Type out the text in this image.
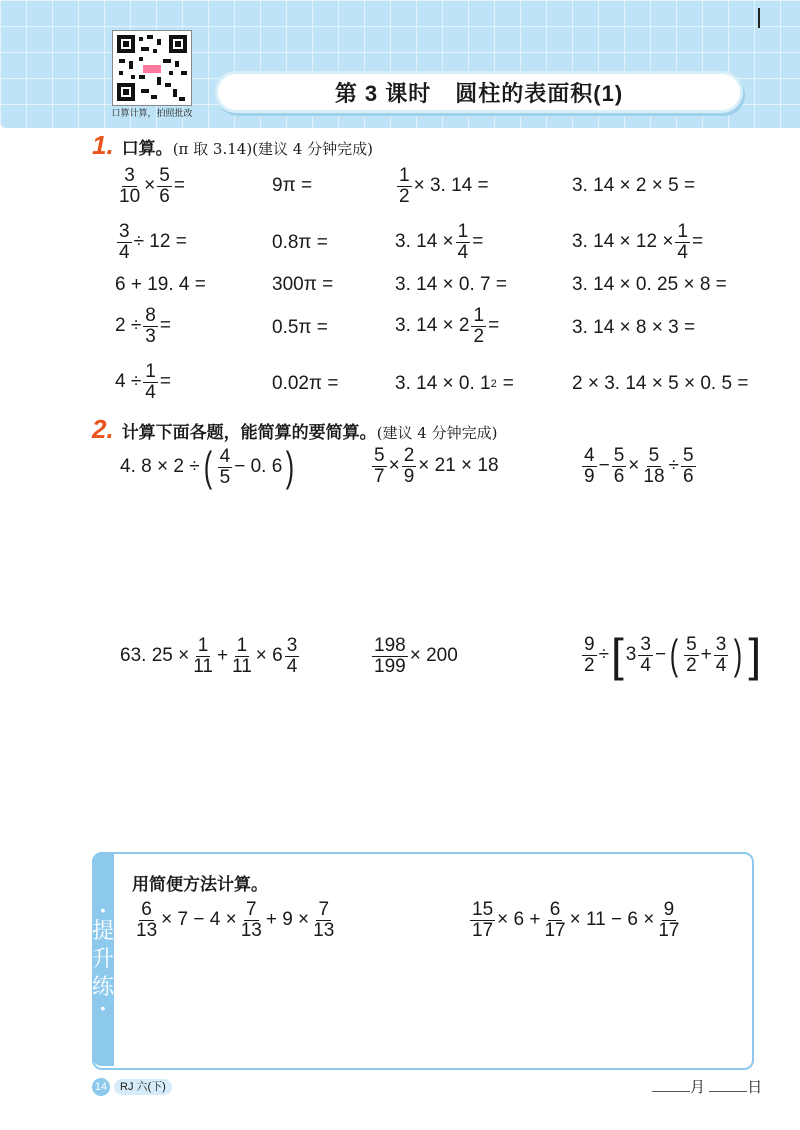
口算计算，拍照批改
第 3 课时 圆柱的表面积(1)
1. 口算。 (π 取 3.14)(建议 4 分钟完成)
$\frac{3}{10} \times \frac{5}{6}$ =	9π =	$\frac{1}{2} \times 3$. 14 =	3. 14 × 2 × 5 =
$\frac{3}{4} \div 12$ =	0.8π =	3. $14 \times \frac{1}{4}$ =	3. $14 \times 12 \times \frac{1}{4}$ =
6 + 19. 4 =	300π =	3. 14 × 0. 7 =	3. 14 × 0. 25 × 8 =
$2 \div \frac{8}{3}$ =	0.5π =	3. $14 \times 2 \frac{1}{2}$ =	3. 14 × 8 × 3 =
$4 \div \frac{1}{4}$ =	0.02π =	3. 14 × 0. 1 2 =	2 × 3. 14 × 5 × 0. 5 =
2. 计算下面各题，能简算的要简算。 (建议 4 分钟完成)
4. 8 × 2 ÷ ( $\frac{4}{5} - 0$. 6 )	$\frac{5}{7} \times \frac{2}{9} \times 21 \times 18$	$\frac{4}{9} - \frac{5}{6} \times \frac{5}{18} \div \frac{5}{6}$
63. $25 \times \frac{1}{11} + \frac{1}{11} \times 6 \frac{3}{4}$	$\frac{198}{199} \times 200$	$\frac{9}{2}$ ÷ [ $3 \frac{3}{4}$ − ( $\frac{5}{2} + \frac{3}{4}$ ) ]
•
提
升
练
•
用简便方法计算。
$\frac{6}{13} \times 7 - 4 \times \frac{7}{13} + 9 \times \frac{7}{13}$	$\frac{15}{17} \times 6 + \frac{6}{17} \times 11 - 6 \times \frac{9}{17}$
14	RJ 六(下)	月	日
